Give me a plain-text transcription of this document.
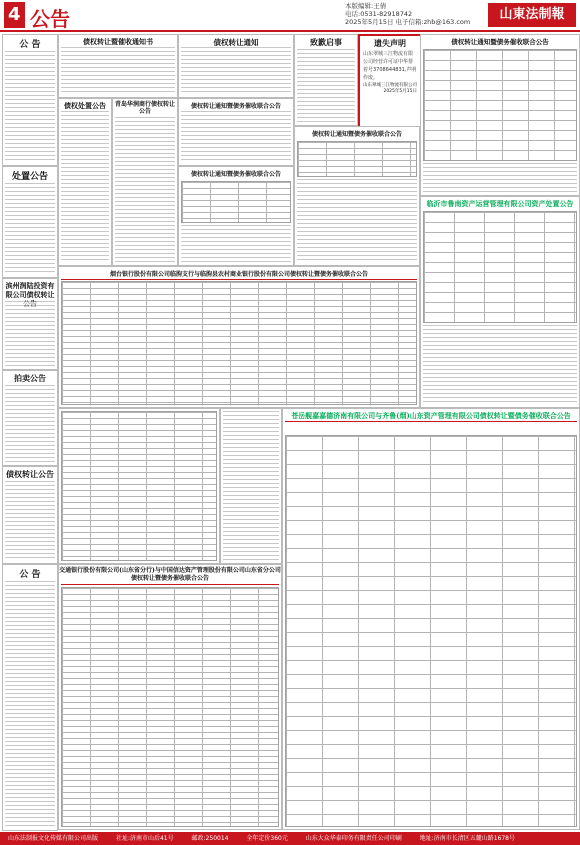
4 公告
本版编辑:王倩
电话:0531-82918742
2025年5月15日 电子信箱:zhb@163.com	山東法制報
公 告
处置公告
滨州润陆投资有限公司债权转让
拍卖公告
债权转让公告
公 告
债权转让暨催收通知书
债权处置公告	青岛华润商行债权转让公告
债权转让通知
债权转让通知暨债务催收联合公告
债权转让通知暨债务催收联合公告
致歉启事	遗失声明
山东翠城三江物流有限公司经营许可证中华帮着号3708644831,声明作废。
山东翠城三江物流有限公司
2025年5月15日
债权转让通知暨债务催收联合公告
债权转让通知暨债务催收联合公告
临沂市鲁南资产运营管理有限公司资产处置公告
烟台银行股份有限公司临朐支行与临朐县农村商业银行股份有限公司债权转让暨债务催收联合公告
苍岳舰嘉嘉德济南有限公司与齐鲁(烟)山东资产管理有限公司债权转让暨债务催收联合公告
交通银行股份有限公司(山东省分行)与中国信达资产管理股份有限公司山东省分公司债权转让暨债务催收联合公告
山东法制报文化传媒有限公司出版	社址:济南市山后41号	邮政:250014	全年定价360元	山东大众华泰印务有限责任公司印刷	地址:济南市长清区五麓山路1678号
